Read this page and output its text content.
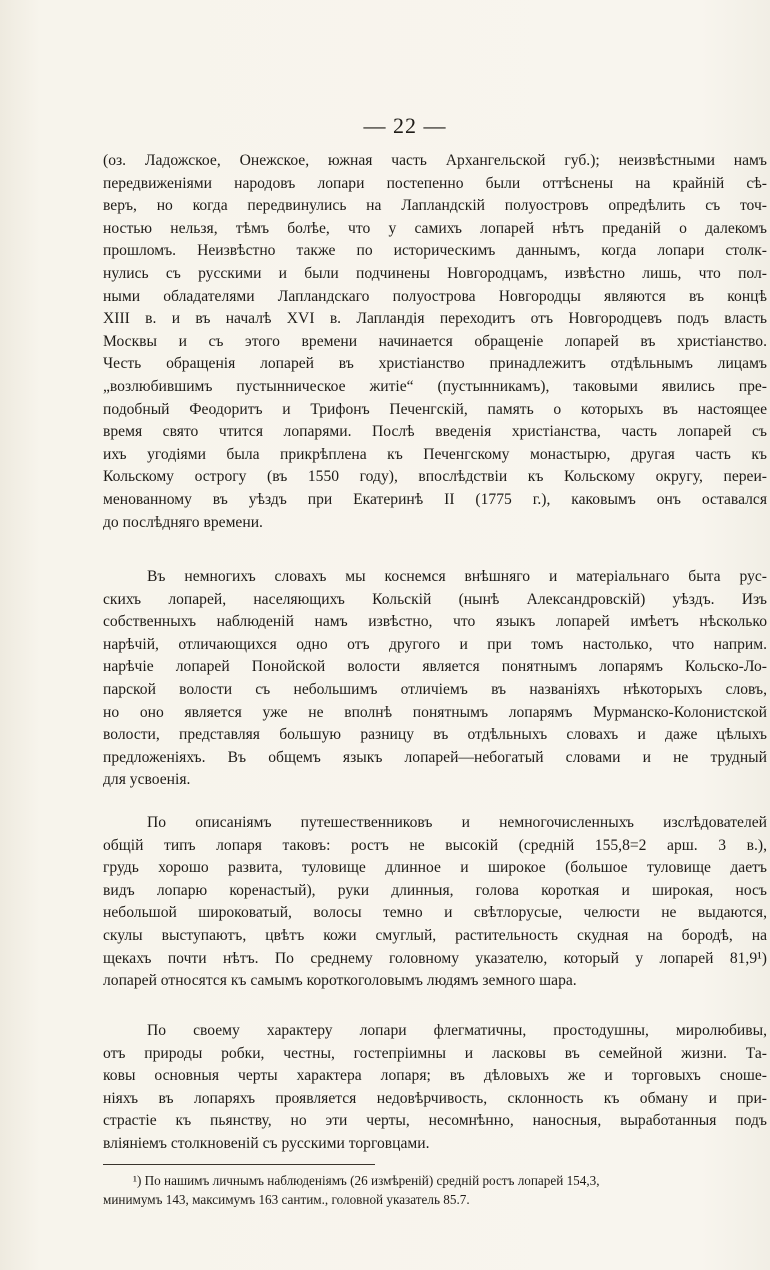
— 22 —
(оз. Ладожское, Онежское, южная часть Архангельской губ.); неизвѣстными намъ
передвиженіями народовъ лопари постепенно были оттѣснены на крайній сѣ-
веръ, но когда передвинулись на Лапландскій полуостровъ опредѣлить съ точ-
ностью нельзя, тѣмъ болѣе, что у самихъ лопарей нѣтъ преданій о далекомъ
прошломъ. Неизвѣстно также по историческимъ даннымъ, когда лопари столк-
нулись съ русскими и были подчинены Новгородцамъ, извѣстно лишь, что пол-
ными обладателями Лапландскаго полуострова Новгородцы являются въ концѣ
XIII в. и въ началѣ XVI в. Лапландія переходитъ отъ Новгородцевъ подъ власть
Москвы и съ этого времени начинается обращеніе лопарей въ христіанство.
Честь обращенія лопарей въ христіанство принадлежитъ отдѣльнымъ лицамъ
„возлюбившимъ пустынническое житіе“ (пустынникамъ), таковыми явились пре-
подобный Феодоритъ и Трифонъ Печенгскій, память о которыхъ въ настоящее
время свято чтится лопарями. Послѣ введенія христіанства, часть лопарей съ
ихъ угодіями была прикрѣплена къ Печенгскому монастырю, другая часть къ
Кольскому острогу (въ 1550 году), впослѣдствіи къ Кольскому округу, переи-
менованному въ уѣздъ при Екатеринѣ II (1775 г.), каковымъ онъ оставался
до послѣдняго времени.
Въ немногихъ словахъ мы коснемся внѣшняго и матеріальнаго быта рус-
скихъ лопарей, населяющихъ Кольскій (нынѣ Александровскій) уѣздъ. Изъ
собственныхъ наблюденій намъ извѣстно, что языкъ лопарей имѣетъ нѣсколько
нарѣчій, отличающихся одно отъ другого и при томъ настолько, что наприм.
нарѣчіе лопарей Понойской волости является понятнымъ лопарямъ Кольско-Ло-
парской волости съ небольшимъ отличіемъ въ названіяхъ нѣкоторыхъ словъ,
но оно является уже не вполнѣ понятнымъ лопарямъ Мурманско-Колонистской
волости, представляя большую разницу въ отдѣльныхъ словахъ и даже цѣлыхъ
предложеніяхъ. Въ общемъ языкъ лопарей—небогатый словами и не трудный
для усвоенія.
По описаніямъ путешественниковъ и немногочисленныхъ изслѣдователей
общій типъ лопаря таковъ: ростъ не высокій (средній 155,8=2 арш. 3 в.),
грудь хорошо развита, туловище длинное и широкое (большое туловище даетъ
видъ лопарю коренастый), руки длинныя, голова короткая и широкая, носъ
небольшой широковатый, волосы темно и свѣтлорусые, челюсти не выдаются,
скулы выступаютъ, цвѣтъ кожи смуглый, растительность скудная на бородѣ, на
щекахъ почти нѣтъ. По среднему головному указателю, который у лопарей 81,9¹)
лопарей относятся къ самымъ короткоголовымъ людямъ земного шара.
По своему характеру лопари флегматичны, простодушны, миролюбивы,
отъ природы робки, честны, гостепріимны и ласковы въ семейной жизни. Та-
ковы основныя черты характера лопаря; въ дѣловыхъ же и торговыхъ сноше-
ніяхъ въ лопаряхъ проявляется недовѣрчивость, склонность къ обману и при-
страстіе къ пьянству, но эти черты, несомнѣнно, наносныя, выработанныя подъ
вліяніемъ столкновеній съ русскими торговцами.
¹) По нашимъ личнымъ наблюденіямъ (26 измѣреній) средній ростъ лопарей 154,3,
минимумъ 143, максимумъ 163 сантим., головной указатель 85.7.
